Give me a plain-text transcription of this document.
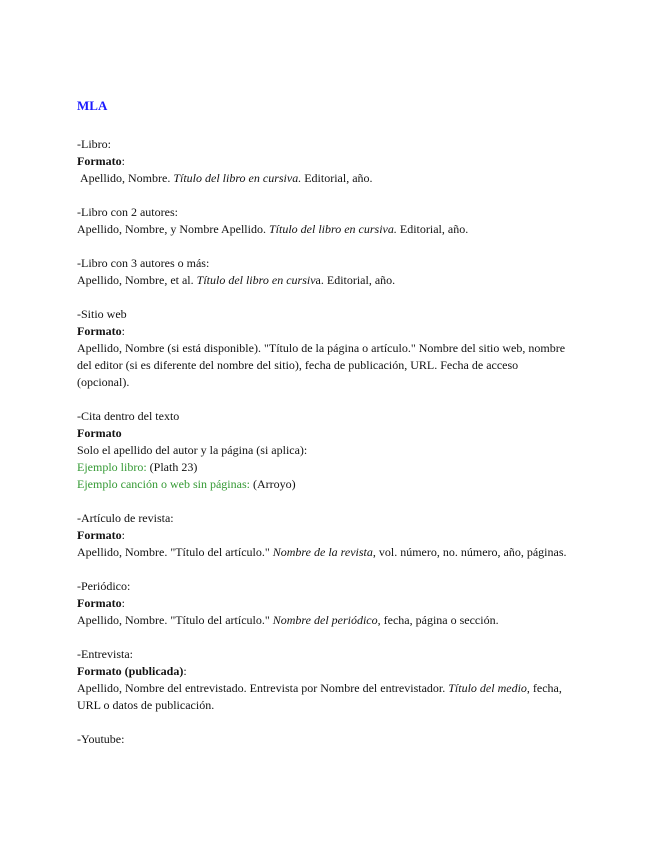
MLA
-Libro:
Formato:
Apellido, Nombre. Título del libro en cursiva. Editorial, año.
-Libro con 2 autores:
Apellido, Nombre, y Nombre Apellido. Título del libro en cursiva. Editorial, año.
-Libro con 3 autores o más:
Apellido, Nombre, et al. Título del libro en cursiva. Editorial, año.
-Sitio web
Formato:
Apellido, Nombre (si está disponible). "Título de la página o artículo." Nombre del sitio web, nombre del editor (si es diferente del nombre del sitio), fecha de publicación, URL. Fecha de acceso (opcional).
-Cita dentro del texto
Formato
Solo el apellido del autor y la página (si aplica):
Ejemplo libro: (Plath 23)
Ejemplo canción o web sin páginas: (Arroyo)
-Artículo de revista:
Formato:
Apellido, Nombre. "Título del artículo." Nombre de la revista, vol. número, no. número, año, páginas.
-Periódico:
Formato:
Apellido, Nombre. "Título del artículo." Nombre del periódico, fecha, página o sección.
-Entrevista:
Formato (publicada):
Apellido, Nombre del entrevistado. Entrevista por Nombre del entrevistador. Título del medio, fecha, URL o datos de publicación.
-Youtube:
